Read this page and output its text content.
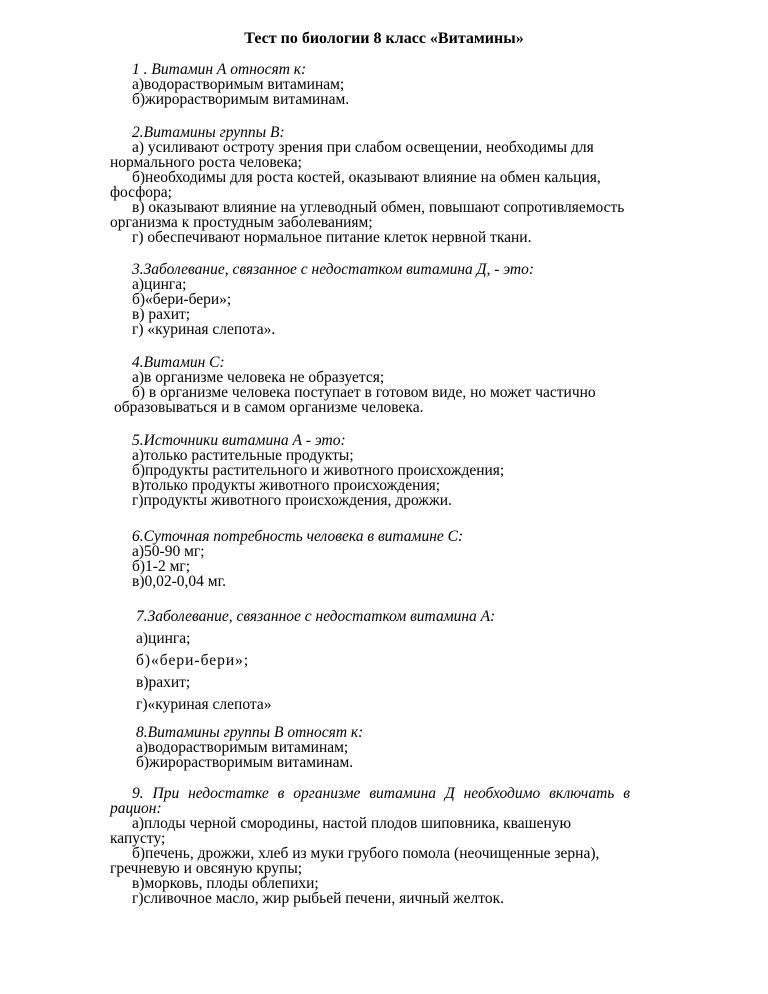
Тест по биологии 8 класс «Витамины»
1 . Витамин А относят к:
а)водорастворимым витаминам;
б)жирорастворимым витаминам.
2.Витамины группы В:
а) усиливают остроту зрения при слабом освещении, необходимы для
нормального роста человека;
б)необходимы для роста костей, оказывают влияние на обмен кальция,
фосфора;
в) оказывают влияние на углеводный обмен, повышают сопротивляемость
организма к простудным заболеваниям;
г) обеспечивают нормальное питание клеток нервной ткани.
3.Заболевание, связанное с недостатком витамина Д, - это:
а)цинга;
б)«бери-бери»;
в) рахит;
г) «куриная слепота».
4.Витамин С:
а)в организме человека не образуется;
б) в организме человека поступает в готовом виде, но может частично
образовываться и в самом организме человека.
5.Источники витамина А - это:
а)только растительные продукты;
б)продукты растительного и животного происхождения;
в)только продукты животного происхождения;
г)продукты животного происхождения, дрожжи.
6.Суточная потребность человека в витамине С:
а)50-90 мг;
б)1-2 мг;
в)0,02-0,04 мг.
7.Заболевание, связанное с недостатком витамина А:
а)цинга;
б)«бери-бери»;
в)рахит;
г)«куриная слепота»
8.Витамины группы В относят к:
а)водорастворимым витаминам;
б)жирорастворимым витаминам.
9. При недостатке в организме витамина Д необходимо включать в
рацион:
а)плоды черной смородины, настой плодов шиповника, квашеную
капусту;
б)печень, дрожжи, хлеб из муки грубого помола (неочищенные зерна),
гречневую и овсяную крупы;
в)морковь, плоды облепихи;
г)сливочное масло, жир рыбьей печени, яичный желток.
